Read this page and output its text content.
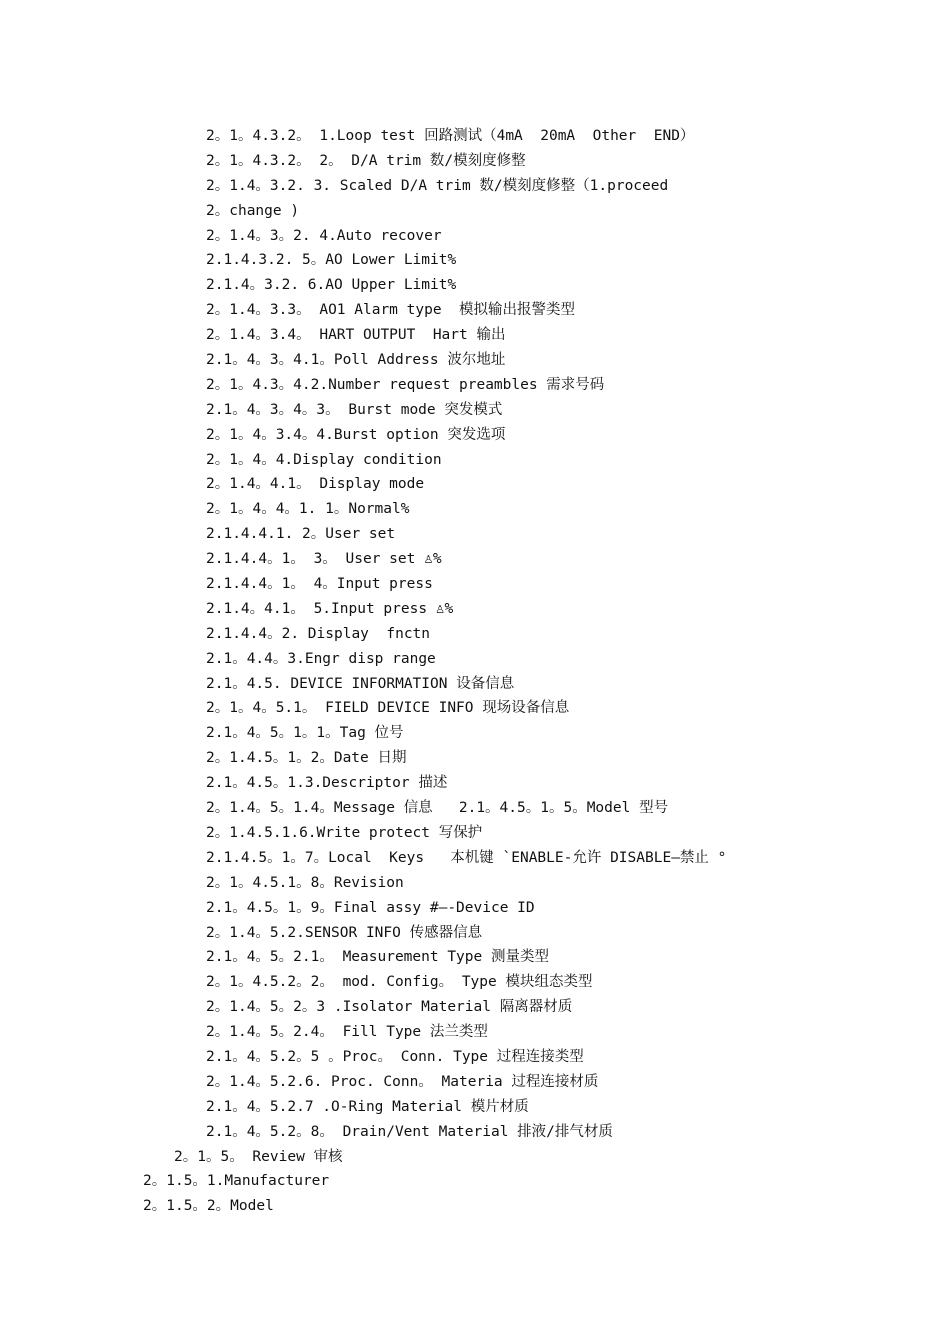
2。1。4.3.2。 1.Loop test 回路测试（4mA  20mA  Other  END）
2。1。4.3.2。 2。 D/A trim 数/模刻度修整
2。1.4。3.2. 3. Scaled D/A trim 数/模刻度修整（1.proceed
2。change )
2。1.4。3。2. 4.Auto recover
2.1.4.3.2. 5。AO Lower Limit%
2.1.4。3.2. 6.AO Upper Limit%
2。1.4。3.3。 AO1 Alarm type  模拟输出报警类型
2。1.4。3.4。 HART OUTPUT  Hart 输出
2.1。4。3。4.1。Poll Address 波尔地址
2。1。4.3。4.2.Number request preambles 需求号码
2.1。4。3。4。3。 Burst mode 突发模式
2。1。4。3.4。4.Burst option 突发选项
2。1。4。4.Display condition
2。1.4。4.1。 Display mode
2。1。4。4。1. 1。Normal%
2.1.4.4.1. 2。User set
2.1.4.4。1。 3。 User set ♙%
2.1.4.4。1。 4。Input press
2.1.4。4.1。 5.Input press ♙%
2.1.4.4。2. Display  fnctn
2.1。4.4。3.Engr disp range
2.1。4.5. DEVICE INFORMATION 设备信息
2。1。4。5.1。 FIELD DEVICE INFO 现场设备信息
2.1。4。5。1。1。Tag 位号
2。1.4.5。1。2。Date 日期
2.1。4.5。1.3.Descriptor 描述
2。1.4。5。1.4。Message 信息   2.1。4.5。1。5。Model 型号
2。1.4.5.1.6.Write protect 写保护
2.1.4.5。1。7。Local  Keys   本机键 `ENABLE-允许 DISABLE—禁止 °
2。1。4.5.1。8。Revision
2.1。4.5。1。9。Final assy #—-Device ID
2。1.4。5.2.SENSOR INFO 传感器信息
2.1。4。5。2.1。 Measurement Type 测量类型
2。1。4.5.2。2。 mod. Config。 Type 模块组态类型
2。1.4。5。2。3 .Isolator Material 隔离器材质
2。1.4。5。2.4。 Fill Type 法兰类型
2.1。4。5.2。5 。Proc。 Conn. Type 过程连接类型
2。1.4。5.2.6. Proc. Conn。 Materia 过程连接材质
2.1。4。5.2.7 .O-Ring Material 模片材质
2.1。4。5.2。8。 Drain/Vent Material 排液/排气材质
2。1。5。 Review 审核
2。1.5。1.Manufacturer
2。1.5。2。Model
